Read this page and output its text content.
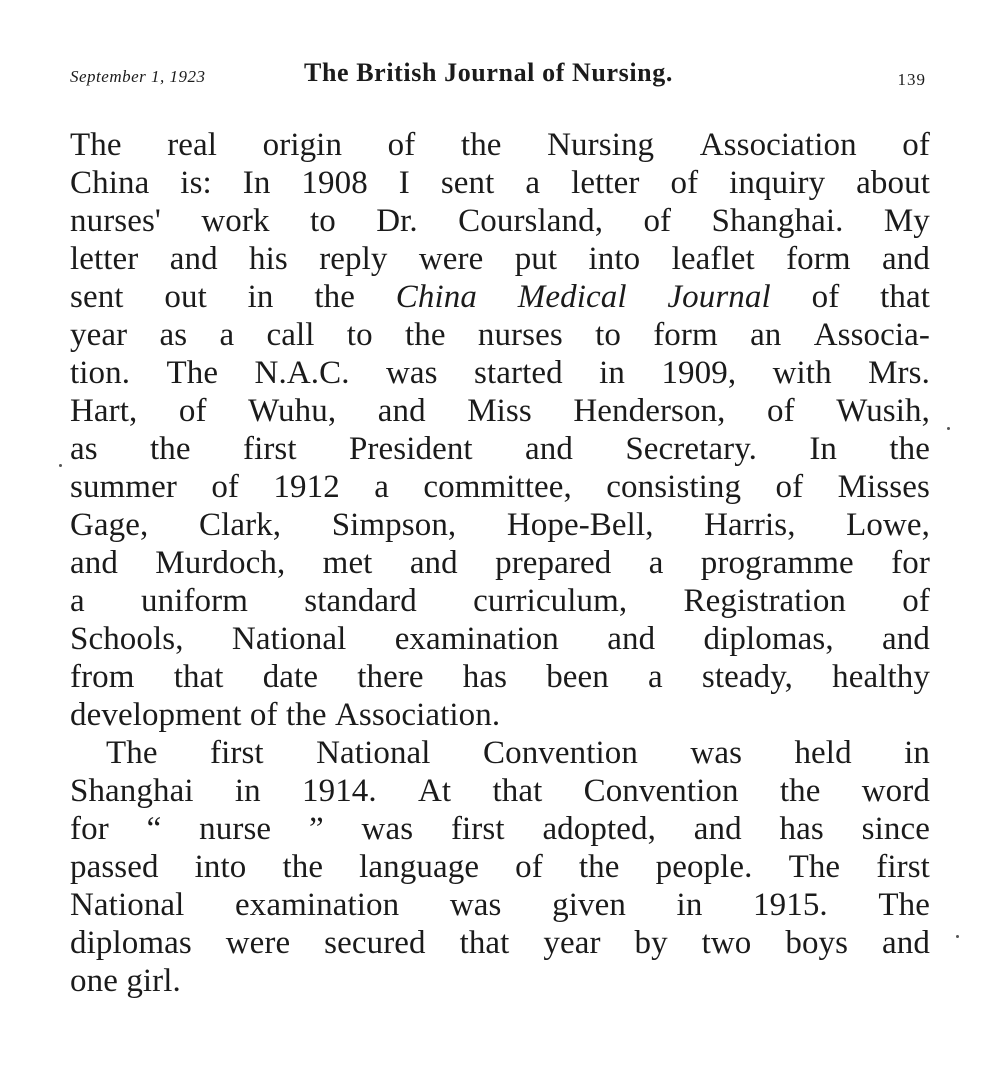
September 1, 1923	The British Journal of Nursing.	139
The real origin of the Nursing Association of
China is: In 1908 I sent a letter of inquiry about
nurses' work to Dr. Coursland, of Shanghai. My
letter and his reply were put into leaflet form and
sent out in the China Medical Journal of that
year as a call to the nurses to form an Associa-
tion. The N.A.C. was started in 1909, with Mrs.
Hart, of Wuhu, and Miss Henderson, of Wusih,
as the first President and Secretary. In the
summer of 1912 a committee, consisting of Misses
Gage, Clark, Simpson, Hope-Bell, Harris, Lowe,
and Murdoch, met and prepared a programme for
a uniform standard curriculum, Registration of
Schools, National examination and diplomas, and
from that date there has been a steady, healthy
development
of
the
Association.
The first National Convention was held in
Shanghai in 1914. At that Convention the word
for “ nurse ” was first adopted, and has since
passed into the language of the people. The first
National examination was given in 1915. The
diplomas were secured that year by two boys and
one
girl.
